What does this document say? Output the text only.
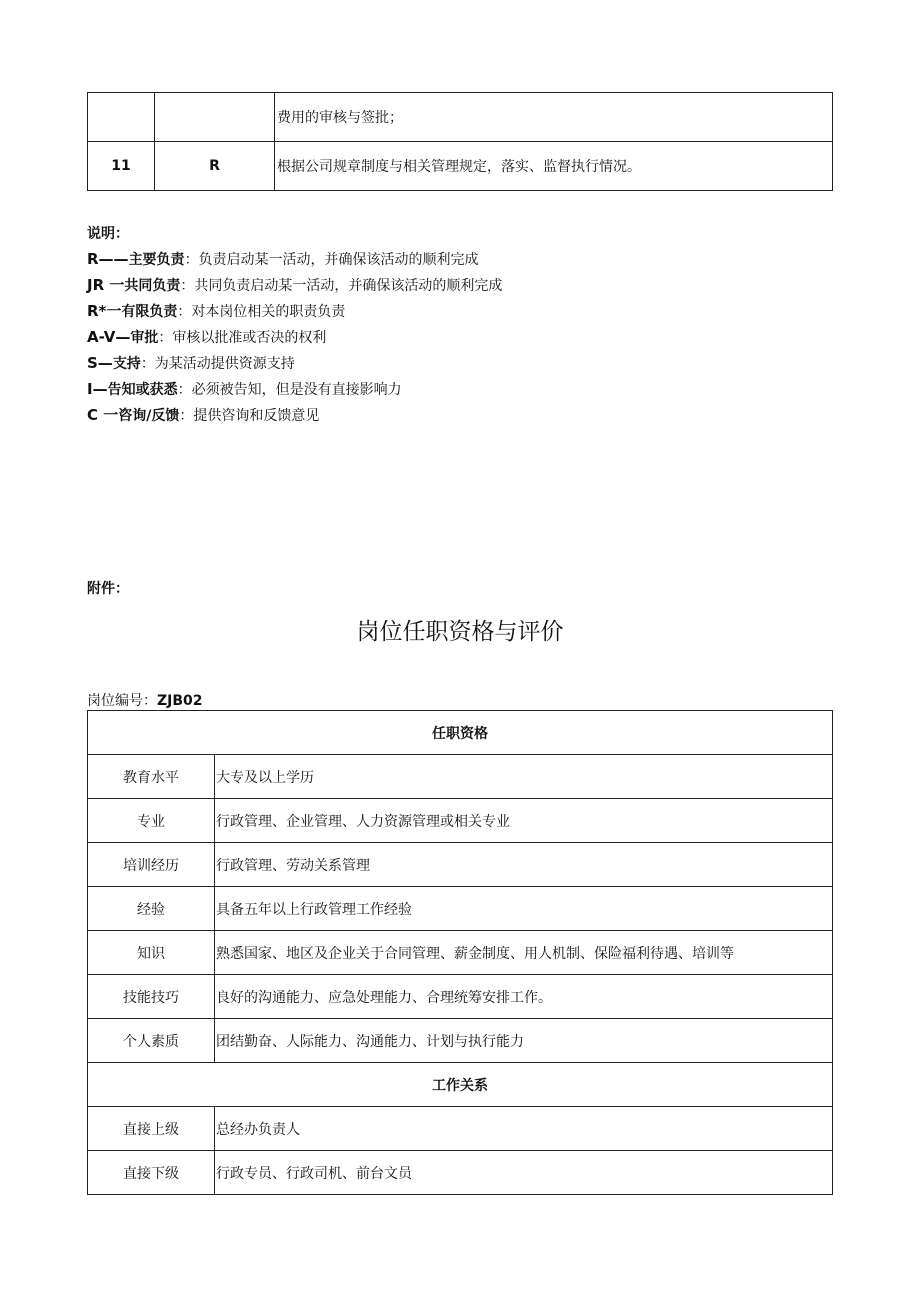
		费用的审核与签批；
11	R	根据公司规章制度与相关管理规定，落实、监督执行情况。
说明：
R——主要负责：负责启动某一活动，并确保该活动的顺利完成
JR 一共同负责：共同负责启动某一活动，并确保该活动的顺利完成
R*一有限负责：对本岗位相关的职责负责
A-V—审批：审核以批准或否决的权利
S—支持：为某活动提供资源支持
I—告知或获悉：必须被告知，但是没有直接影响力
C 一咨询/反馈：提供咨询和反馈意见
附件：
岗位任职资格与评价
岗位编号：ZJB02
任职资格	
教育水平	大专及以上学历
专业	行政管理、企业管理、人力资源管理或相关专业
培训经历	行政管理、劳动关系管理
经验	具备五年以上行政管理工作经验
知识	熟悉国家、地区及企业关于合同管理、薪金制度、用人机制、保险福利待遇、培训等
技能技巧	良好的沟通能力、应急处理能力、合理统筹安排工作。
个人素质	团结勤奋、人际能力、沟通能力、计划与执行能力
工作关系	
直接上级	总经办负责人
直接下级	行政专员、行政司机、前台文员
